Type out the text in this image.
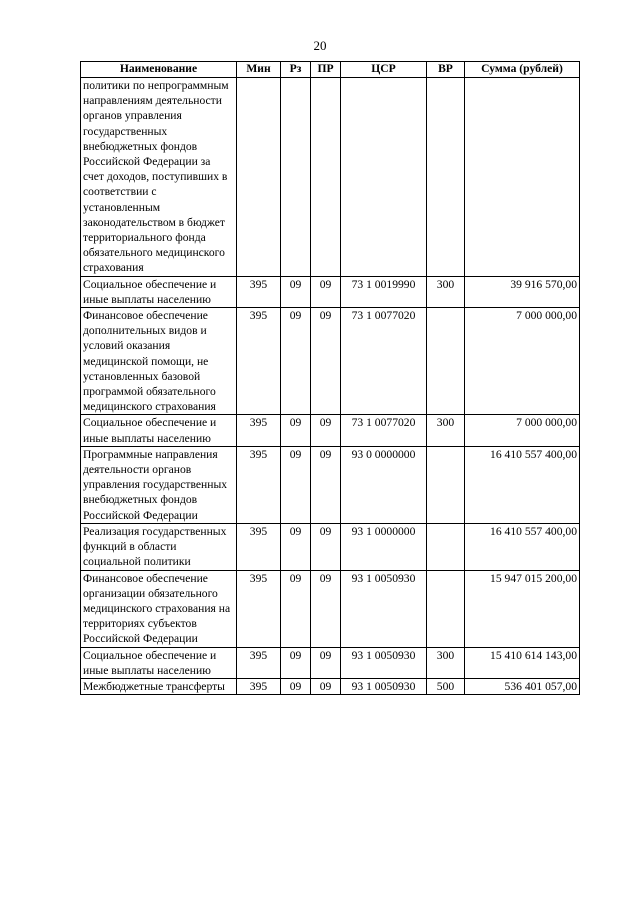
20
Наименование	Мин	Рз	ПР	ЦСР	ВР	Сумма (рублей)
политики по непрограммным направлениям деятельности органов управления государственных внебюджетных фондов Российской Федерации за счет доходов, поступивших в соответствии с установленным законодательством в бюджет территориального фонда обязательного медицинского страхования						
Социальное обеспечение и иные выплаты населению	395	09	09	73 1 0019990	300	39 916 570,00
Финансовое обеспечение дополнительных видов и условий оказания медицинской помощи, не установленных базовой программой обязательного медицинского страхования	395	09	09	73 1 0077020		7 000 000,00
Социальное обеспечение и иные выплаты населению	395	09	09	73 1 0077020	300	7 000 000,00
Программные направления деятельности органов управления государственных внебюджетных фондов Российской Федерации	395	09	09	93 0 0000000		16 410 557 400,00
Реализация государственных функций в области социальной политики	395	09	09	93 1 0000000		16 410 557 400,00
Финансовое обеспечение организации обязательного медицинского страхования на территориях субъектов Российской Федерации	395	09	09	93 1 0050930		15 947 015 200,00
Социальное обеспечение и иные выплаты населению	395	09	09	93 1 0050930	300	15 410 614 143,00
Межбюджетные трансферты	395	09	09	93 1 0050930	500	536 401 057,00
